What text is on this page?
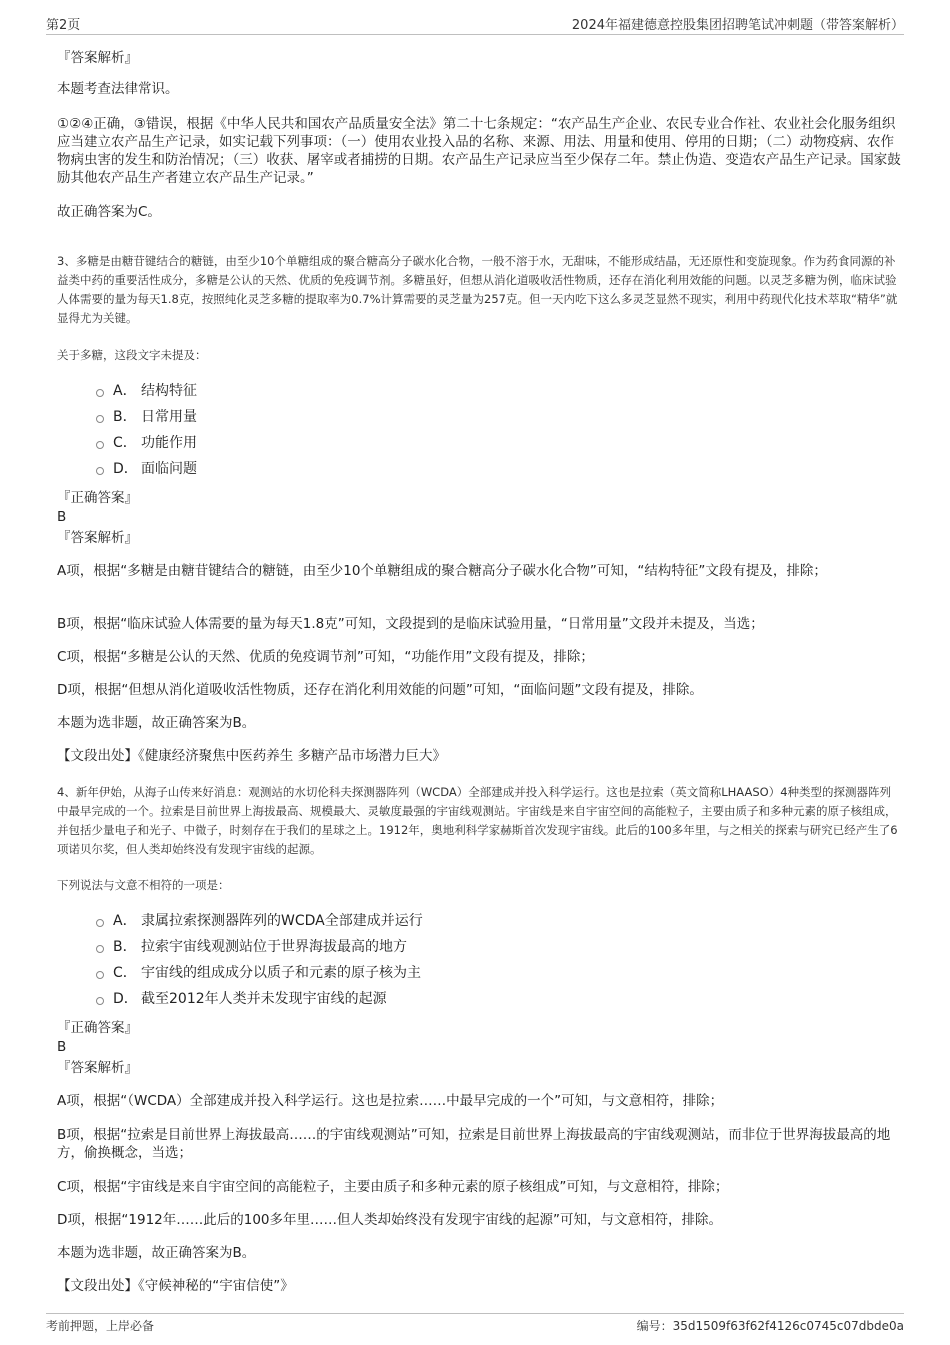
第2页	2024年福建德意控股集团招聘笔试冲刺题（带答案解析）

『答案解析』

本题考查法律常识。

①②④正确，③错误，根据《中华人民共和国农产品质量安全法》第二十七条规定：“农产品生产企业、农民专业合作社、农业社会化服务组织应当建立农产品生产记录，如实记载下列事项：（一）使用农业投入品的名称、来源、用法、用量和使用、停用的日期；（二）动物疫病、农作物病虫害的发生和防治情况；（三）收获、屠宰或者捕捞的日期。农产品生产记录应当至少保存二年。禁止伪造、变造农产品生产记录。国家鼓励其他农产品生产者建立农产品生产记录。”

故正确答案为C。

3、多糖是由糖苷键结合的糖链，由至少10个单糖组成的聚合糖高分子碳水化合物，一般不溶于水，无甜味，不能形成结晶，无还原性和变旋现象。作为药食同源的补益类中药的重要活性成分，多糖是公认的天然、优质的免疫调节剂。多糖虽好，但想从消化道吸收活性物质，还存在消化利用效能的问题。以灵芝多糖为例，临床试验人体需要的量为每天1.8克，按照纯化灵芝多糖的提取率为0.7%计算需要的灵芝量为257克。但一天内吃下这么多灵芝显然不现实，利用中药现代化技术萃取“精华”就显得尤为关键。

关于多糖，这段文字未提及：

A． 结构特征
B． 日常用量
C． 功能作用
D． 面临问题

『正确答案』

B

『答案解析』

A项，根据“多糖是由糖苷键结合的糖链，由至少10个单糖组成的聚合糖高分子碳水化合物”可知，“结构特征”文段有提及，排除；

B项，根据“临床试验人体需要的量为每天1.8克”可知，文段提到的是临床试验用量，“日常用量”文段并未提及，当选；

C项，根据“多糖是公认的天然、优质的免疫调节剂”可知，“功能作用”文段有提及，排除；

D项，根据“但想从消化道吸收活性物质，还存在消化利用效能的问题”可知，“面临问题”文段有提及，排除。

本题为选非题，故正确答案为B。

【文段出处】《健康经济聚焦中医药养生 多糖产品市场潜力巨大》

4、新年伊始，从海子山传来好消息：观测站的水切伦科夫探测器阵列（WCDA）全部建成并投入科学运行。这也是拉索（英文简称LHAASO）4种类型的探测器阵列中最早完成的一个。拉索是目前世界上海拔最高、规模最大、灵敏度最强的宇宙线观测站。宇宙线是来自宇宙空间的高能粒子，主要由质子和多种元素的原子核组成，并包括少量电子和光子、中微子，时刻存在于我们的星球之上。1912年，奥地利科学家赫斯首次发现宇宙线。此后的100多年里，与之相关的探索与研究已经产生了6项诺贝尔奖，但人类却始终没有发现宇宙线的起源。

下列说法与文意不相符的一项是：

A． 隶属拉索探测器阵列的WCDA全部建成并运行
B． 拉索宇宙线观测站位于世界海拔最高的地方
C． 宇宙线的组成成分以质子和元素的原子核为主
D． 截至2012年人类并未发现宇宙线的起源

『正确答案』

B

『答案解析』

A项，根据“（WCDA）全部建成并投入科学运行。这也是拉索……中最早完成的一个”可知，与文意相符，排除；

B项，根据“拉索是目前世界上海拔最高……的宇宙线观测站”可知，拉索是目前世界上海拔最高的宇宙线观测站，而非位于世界海拔最高的地方，偷换概念，当选；

C项，根据“宇宙线是来自宇宙空间的高能粒子，主要由质子和多种元素的原子核组成”可知，与文意相符，排除；

D项，根据“1912年……此后的100多年里……但人类却始终没有发现宇宙线的起源”可知，与文意相符，排除。

本题为选非题，故正确答案为B。

【文段出处】《守候神秘的“宇宙信使”》

考前押题，上岸必备	编号：35d1509f63f62f4126c0745c07dbde0a
